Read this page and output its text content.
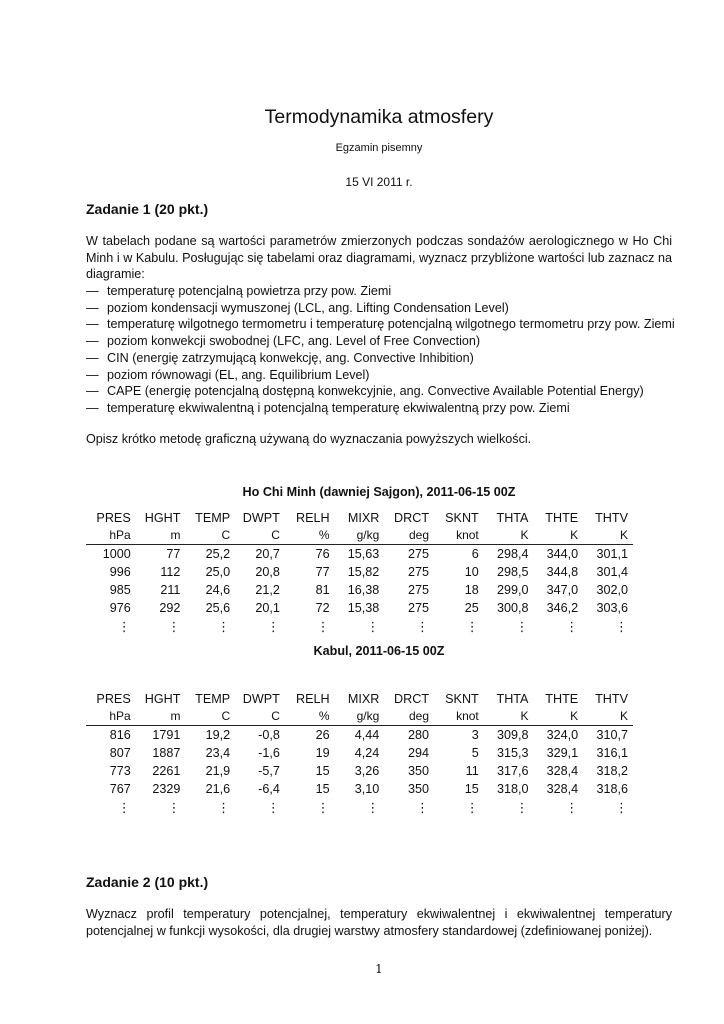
Termodynamika atmosfery

Egzamin pisemny

15 VI 2011 r.

Zadanie 1 (20 pkt.)

W tabelach podane są wartości parametrów zmierzonych podczas sondażów aerologicznego w Ho Chi Minh i w Kabulu. Posługując się tabelami oraz diagramami, wyznacz przybliżone wartości lub zaznacz na diagramie:

— temperaturę potencjalną powietrza przy pow. Ziemi
— poziom kondensacji wymuszonej (LCL, ang. Lifting Condensation Level)
— temperaturę wilgotnego termometru i temperaturę potencjalną wilgotnego termometru przy pow. Ziemi
— poziom konwekcji swobodnej (LFC, ang. Level of Free Convection)
— CIN (energię zatrzymującą konwekcję, ang. Convective Inhibition)
— poziom równowagi (EL, ang. Equilibrium Level)
— CAPE (energię potencjalną dostępną konwekcyjnie, ang. Convective Available Potential Energy)
— temperaturę ekwiwalentną i potencjalną temperaturę ekwiwalentną przy pow. Ziemi

Opisz krótko metodę graficzną używaną do wyznaczania powyższych wielkości.

Ho Chi Minh (dawniej Sajgon), 2011-06-15 00Z

PRES	HGHT	TEMP	DWPT	RELH	MIXR	DRCT	SKNT	THTA	THTE	THTV
hPa	m	C	C	%	g/kg	deg	knot	K	K	K
1000	77	25,2	20,7	76	15,63	275	6	298,4	344,0	301,1
996	112	25,0	20,8	77	15,82	275	10	298,5	344,8	301,4
985	211	24,6	21,2	81	16,38	275	18	299,0	347,0	302,0
976	292	25,6	20,1	72	15,38	275	25	300,8	346,2	303,6
⋮	⋮	⋮	⋮	⋮	⋮	⋮	⋮	⋮	⋮	⋮

Kabul, 2011-06-15 00Z

PRES	HGHT	TEMP	DWPT	RELH	MIXR	DRCT	SKNT	THTA	THTE	THTV
hPa	m	C	C	%	g/kg	deg	knot	K	K	K
816	1791	19,2	-0,8	26	4,44	280	3	309,8	324,0	310,7
807	1887	23,4	-1,6	19	4,24	294	5	315,3	329,1	316,1
773	2261	21,9	-5,7	15	3,26	350	11	317,6	328,4	318,2
767	2329	21,6	-6,4	15	3,10	350	15	318,0	328,4	318,6
⋮	⋮	⋮	⋮	⋮	⋮	⋮	⋮	⋮	⋮	⋮
Zadanie 2 (10 pkt.)

Wyznacz profil temperatury potencjalnej, temperatury ekwiwalentnej i ekwiwalentnej temperatury potencjalnej w funkcji wysokości, dla drugiej warstwy atmosfery standardowej (zdefiniowanej poniżej).

1
